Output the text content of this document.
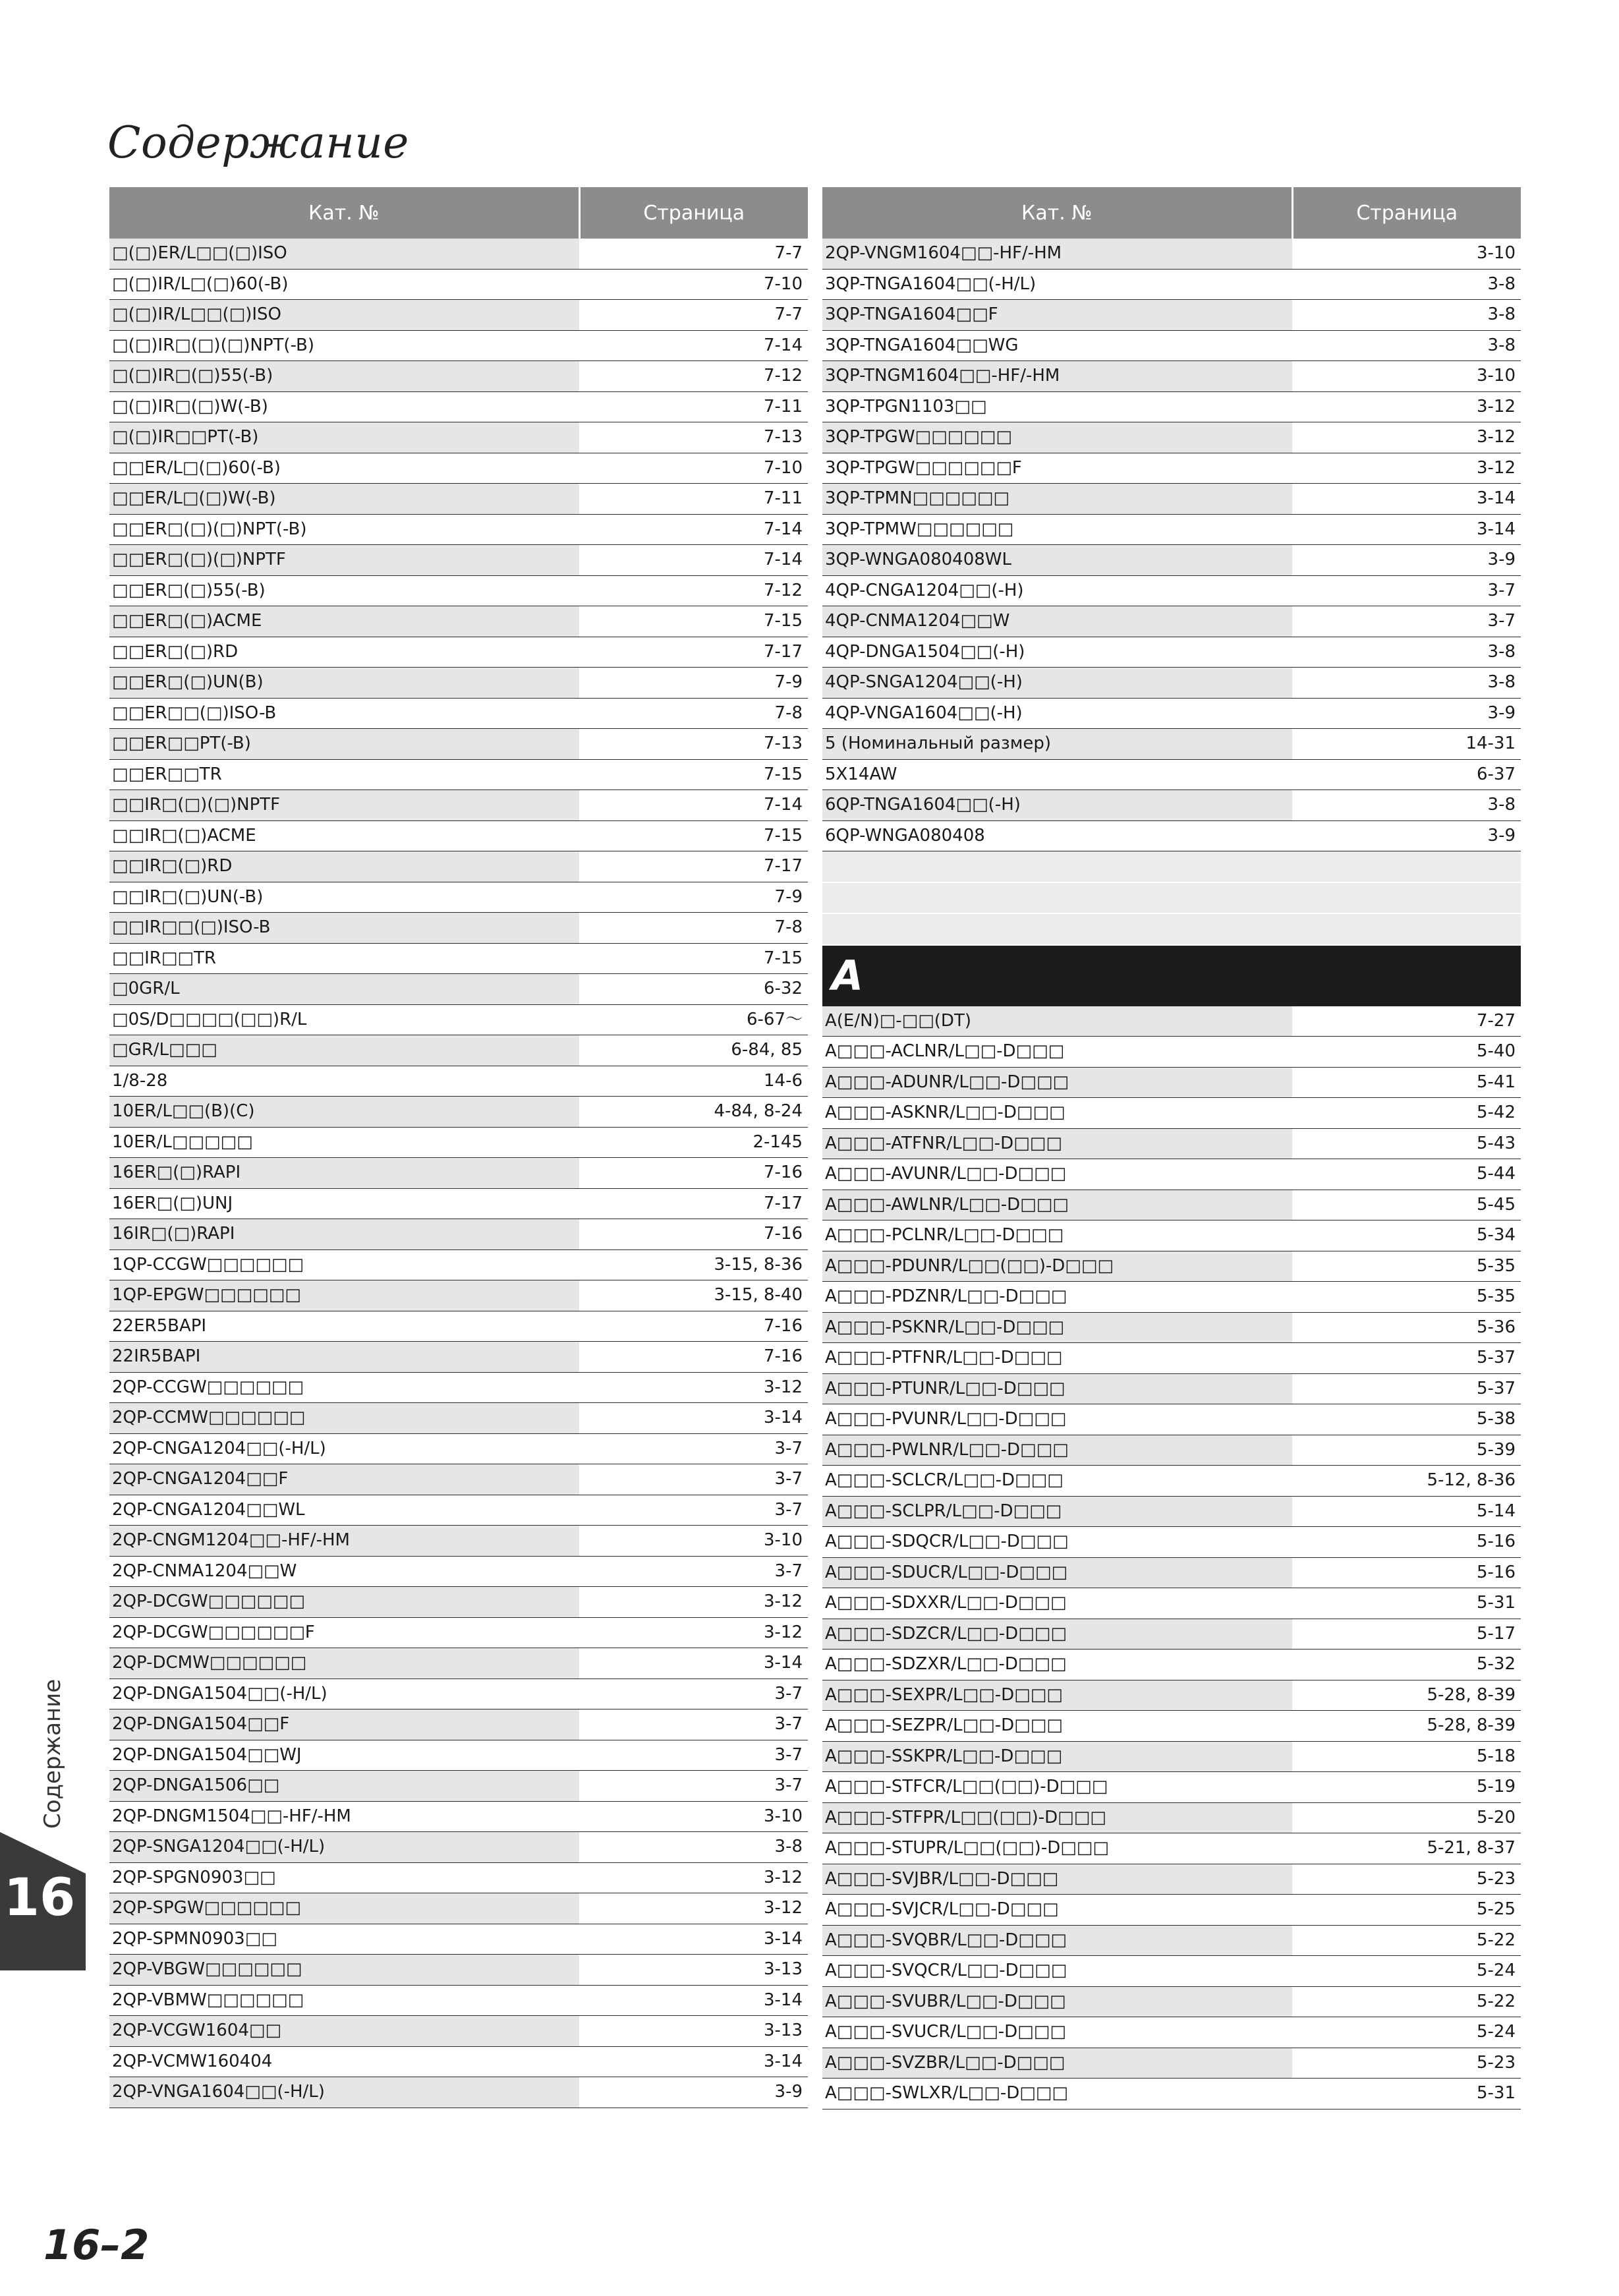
Содержание
Кат. №	Страница
□(□)ER/L□□(□)ISO	7-7
□(□)IR/L□(□)60(-B)	7-10
□(□)IR/L□□(□)ISO	7-7
□(□)IR□(□)(□)NPT(-B)	7-14
□(□)IR□(□)55(-B)	7-12
□(□)IR□(□)W(-B)	7-11
□(□)IR□□PT(-B)	7-13
□□ER/L□(□)60(-B)	7-10
□□ER/L□(□)W(-B)	7-11
□□ER□(□)(□)NPT(-B)	7-14
□□ER□(□)(□)NPTF	7-14
□□ER□(□)55(-B)	7-12
□□ER□(□)ACME	7-15
□□ER□(□)RD	7-17
□□ER□(□)UN(B)	7-9
□□ER□□(□)ISO-B	7-8
□□ER□□PT(-B)	7-13
□□ER□□TR	7-15
□□IR□(□)(□)NPTF	7-14
□□IR□(□)ACME	7-15
□□IR□(□)RD	7-17
□□IR□(□)UN(-B)	7-9
□□IR□□(□)ISO-B	7-8
□□IR□□TR	7-15
□0GR/L	6-32
□0S/D□□□□(□□)R/L	6-67～
□GR/L□□□	6-84, 85
1/8-28	14-6
10ER/L□□(B)(C)	4-84, 8-24
10ER/L□□□□□	2-145
16ER□(□)RAPI	7-16
16ER□(□)UNJ	7-17
16IR□(□)RAPI	7-16
1QP-CCGW□□□□□□	3-15, 8-36
1QP-EPGW□□□□□□	3-15, 8-40
22ER5BAPI	7-16
22IR5BAPI	7-16
2QP-CCGW□□□□□□	3-12
2QP-CCMW□□□□□□	3-14
2QP-CNGA1204□□(-H/L)	3-7
2QP-CNGA1204□□F	3-7
2QP-CNGA1204□□WL	3-7
2QP-CNGM1204□□-HF/-HM	3-10
2QP-CNMA1204□□W	3-7
2QP-DCGW□□□□□□	3-12
2QP-DCGW□□□□□□F	3-12
2QP-DCMW□□□□□□	3-14
2QP-DNGA1504□□(-H/L)	3-7
2QP-DNGA1504□□F	3-7
2QP-DNGA1504□□WJ	3-7
2QP-DNGA1506□□	3-7
2QP-DNGM1504□□-HF/-HM	3-10
2QP-SNGA1204□□(-H/L)	3-8
2QP-SPGN0903□□	3-12
2QP-SPGW□□□□□□	3-12
2QP-SPMN0903□□	3-14
2QP-VBGW□□□□□□	3-13
2QP-VBMW□□□□□□	3-14
2QP-VCGW1604□□	3-13
2QP-VCMW160404	3-14
2QP-VNGA1604□□(-H/L)	3-9
Кат. №	Страница
2QP-VNGM1604□□-HF/-HM	3-10
3QP-TNGA1604□□(-H/L)	3-8
3QP-TNGA1604□□F	3-8
3QP-TNGA1604□□WG	3-8
3QP-TNGM1604□□-HF/-HM	3-10
3QP-TPGN1103□□	3-12
3QP-TPGW□□□□□□	3-12
3QP-TPGW□□□□□□F	3-12
3QP-TPMN□□□□□□	3-14
3QP-TPMW□□□□□□	3-14
3QP-WNGA080408WL	3-9
4QP-CNGA1204□□(-H)	3-7
4QP-CNMA1204□□W	3-7
4QP-DNGA1504□□(-H)	3-8
4QP-SNGA1204□□(-H)	3-8
4QP-VNGA1604□□(-H)	3-9
5 (Номинальный размер)	14-31
5X14AW	6-37
6QP-TNGA1604□□(-H)	3-8
6QP-WNGA080408	3-9

A	
A(E/N)□-□□(DT)	7-27
A□□□-ACLNR/L□□-D□□□	5-40
A□□□-ADUNR/L□□-D□□□	5-41
A□□□-ASKNR/L□□-D□□□	5-42
A□□□-ATFNR/L□□-D□□□	5-43
A□□□-AVUNR/L□□-D□□□	5-44
A□□□-AWLNR/L□□-D□□□	5-45
A□□□-PCLNR/L□□-D□□□	5-34
A□□□-PDUNR/L□□(□□)-D□□□	5-35
A□□□-PDZNR/L□□-D□□□	5-35
A□□□-PSKNR/L□□-D□□□	5-36
A□□□-PTFNR/L□□-D□□□	5-37
A□□□-PTUNR/L□□-D□□□	5-37
A□□□-PVUNR/L□□-D□□□	5-38
A□□□-PWLNR/L□□-D□□□	5-39
A□□□-SCLCR/L□□-D□□□	5-12, 8-36
A□□□-SCLPR/L□□-D□□□	5-14
A□□□-SDQCR/L□□-D□□□	5-16
A□□□-SDUCR/L□□-D□□□	5-16
A□□□-SDXXR/L□□-D□□□	5-31
A□□□-SDZCR/L□□-D□□□	5-17
A□□□-SDZXR/L□□-D□□□	5-32
A□□□-SEXPR/L□□-D□□□	5-28, 8-39
A□□□-SEZPR/L□□-D□□□	5-28, 8-39
A□□□-SSKPR/L□□-D□□□	5-18
A□□□-STFCR/L□□(□□)-D□□□	5-19
A□□□-STFPR/L□□(□□)-D□□□	5-20
A□□□-STUPR/L□□(□□)-D□□□	5-21, 8-37
A□□□-SVJBR/L□□-D□□□	5-23
A□□□-SVJCR/L□□-D□□□	5-25
A□□□-SVQBR/L□□-D□□□	5-22
A□□□-SVQCR/L□□-D□□□	5-24
A□□□-SVUBR/L□□-D□□□	5-22
A□□□-SVUCR/L□□-D□□□	5-24
A□□□-SVZBR/L□□-D□□□	5-23
A□□□-SWLXR/L□□-D□□□	5-31
Содержание
16
16–2
